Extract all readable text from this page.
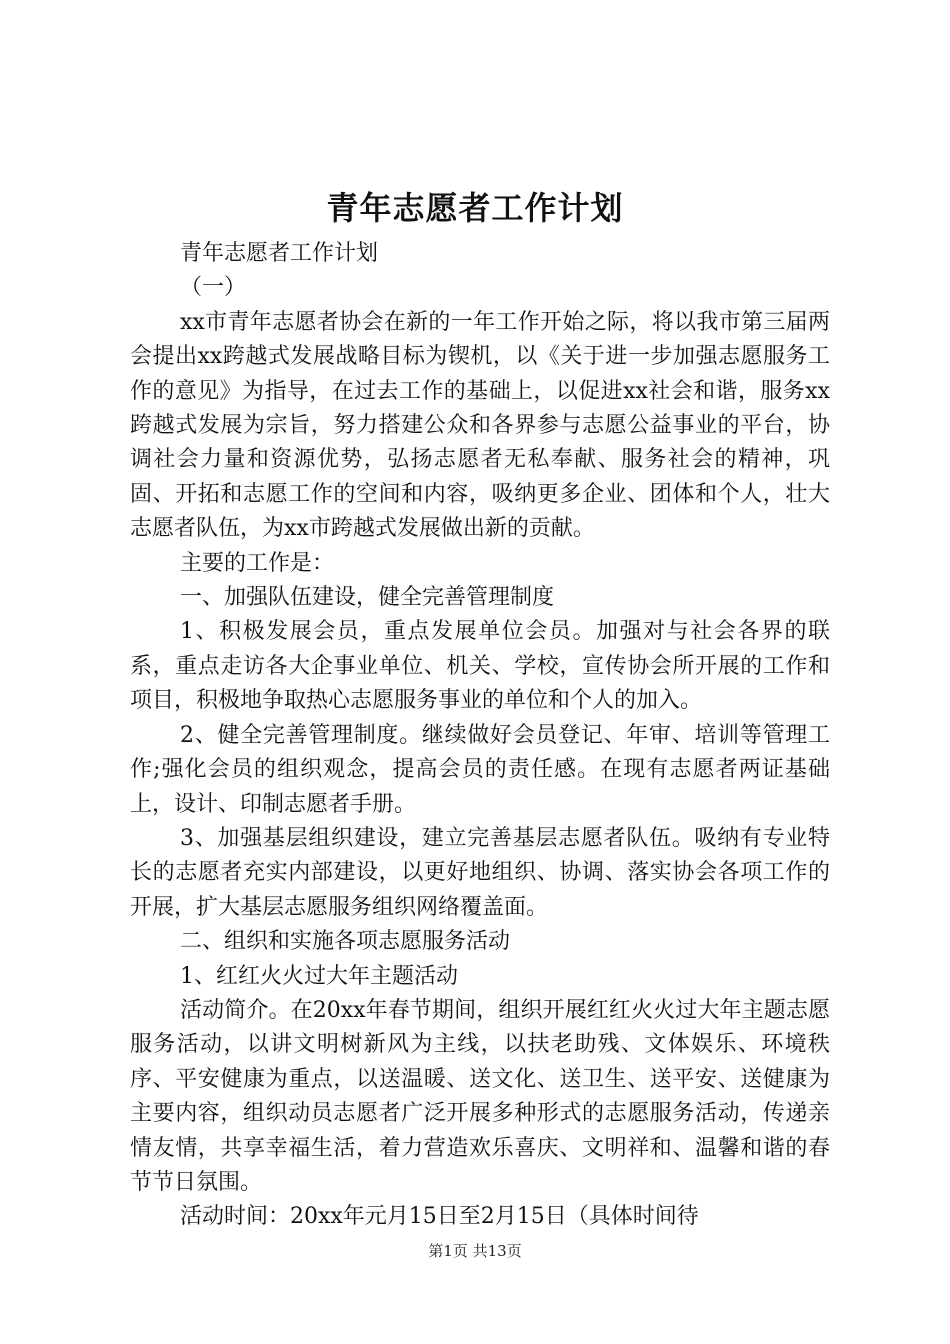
青年志愿者工作计划

青年志愿者工作计划

（一）

xx市青年志愿者协会在新的一年工作开始之际，将以我市第三届两会提出xx跨越式发展战略目标为锲机，以《关于进一步加强志愿服务工作的意见》为指导，在过去工作的基础上，以促进xx社会和谐，服务xx跨越式发展为宗旨，努力搭建公众和各界参与志愿公益事业的平台，协调社会力量和资源优势，弘扬志愿者无私奉献、服务社会的精神，巩固、开拓和志愿工作的空间和内容，吸纳更多企业、团体和个人，壮大志愿者队伍，为xx市跨越式发展做出新的贡献。

主要的工作是：

一、加强队伍建设，健全完善管理制度

1、积极发展会员，重点发展单位会员。加强对与社会各界的联系，重点走访各大企事业单位、机关、学校，宣传协会所开展的工作和项目，积极地争取热心志愿服务事业的单位和个人的加入。

2、健全完善管理制度。继续做好会员登记、年审、培训等管理工作;强化会员的组织观念，提高会员的责任感。在现有志愿者两证基础上，设计、印制志愿者手册。

3、加强基层组织建设，建立完善基层志愿者队伍。吸纳有专业特长的志愿者充实内部建设，以更好地组织、协调、落实协会各项工作的开展，扩大基层志愿服务组织网络覆盖面。

二、组织和实施各项志愿服务活动

1、红红火火过大年主题活动

活动简介。在20xx年春节期间，组织开展红红火火过大年主题志愿服务活动，以讲文明树新风为主线，以扶老助残、文体娱乐、环境秩序、平安健康为重点，以送温暖、送文化、送卫生、送平安、送健康为主要内容，组织动员志愿者广泛开展多种形式的志愿服务活动，传递亲情友情，共享幸福生活，着力营造欢乐喜庆、文明祥和、温馨和谐的春节节日氛围。

活动时间：20xx年元月15日至2月15日（具体时间待

第1页 共13页
